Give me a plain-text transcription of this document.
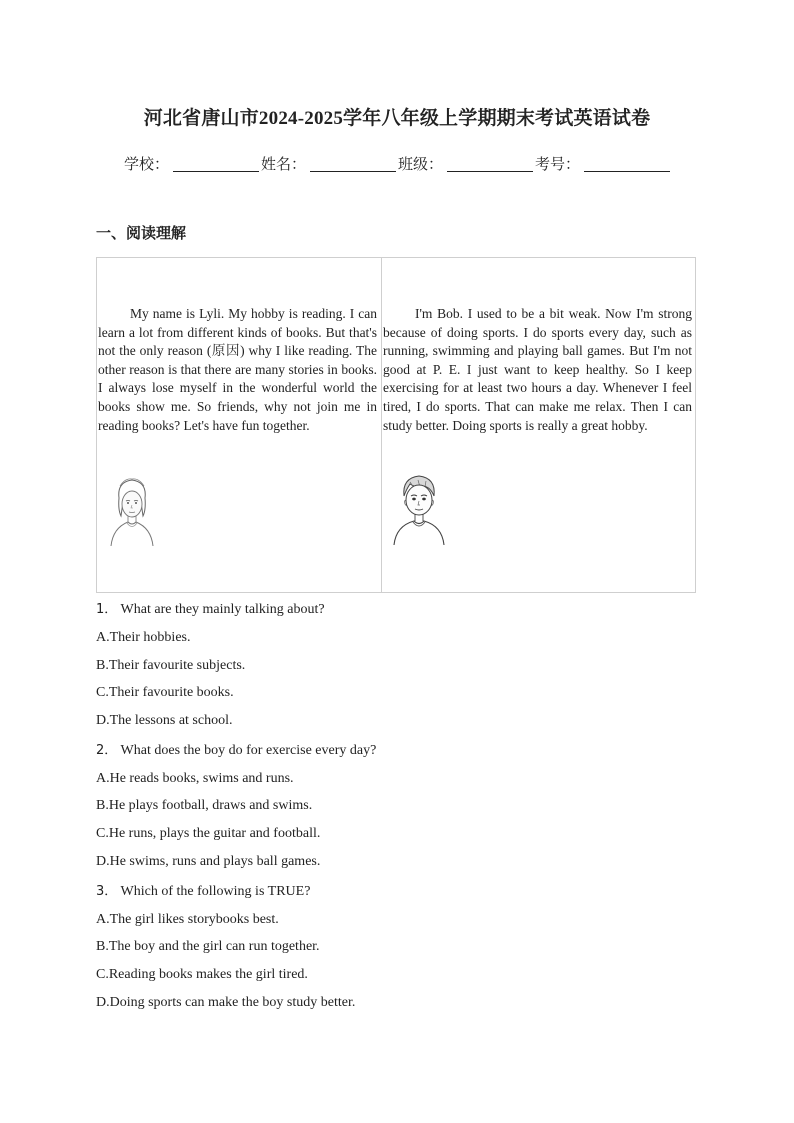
河北省唐山市2024-2025学年八年级上学期期末考试英语试卷
学校：	姓名：	班级：	考号：
一、阅读理解
My name is Lyli. My hobby is reading. I can learn a lot from different kinds of books. But that's not the only reason (原因) why I like reading. The other reason is that there are many stories in books. I always lose myself in the wonderful world the books show me. So friends, why not join me in reading books? Let's have fun together.
I'm Bob. I used to be a bit weak. Now I'm strong because of doing sports. I do sports every day, such as running, swimming and playing ball games. But I'm not good at P. E. I just want to keep healthy. So I keep exercising for at least two hours a day. Whenever I feel tired, I do sports. That can make me relax. Then I can study better. Doing sports is really a great hobby.
1． What are they mainly talking about?
A.Their hobbies.
B.Their favourite subjects.
C.Their favourite books.
D.The lessons at school.
2． What does the boy do for exercise every day?
A.He reads books, swims and runs.
B.He plays football, draws and swims.
C.He runs, plays the guitar and football.
D.He swims, runs and plays ball games.
3． Which of the following is TRUE?
A.The girl likes storybooks best.
B.The boy and the girl can run together.
C.Reading books makes the girl tired.
D.Doing sports can make the boy study better.
